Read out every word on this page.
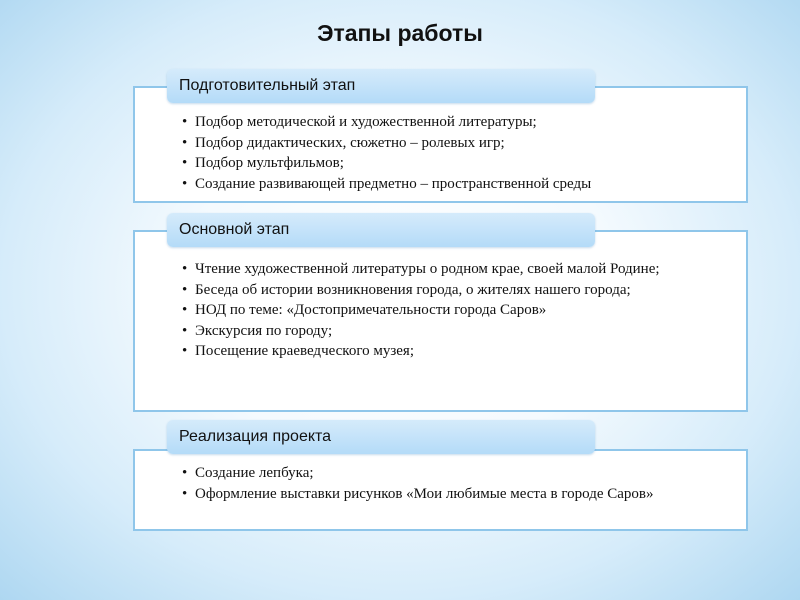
Этапы работы
Подготовительный этап
• Подбор методической и художественной литературы;
• Подбор дидактических, сюжетно – ролевых игр;
• Подбор мультфильмов;
• Создание развивающей предметно – пространственной среды
Основной этап
• Чтение художественной литературы о родном крае, своей малой Родине;
• Беседа об истории возникновения города, о жителях нашего города;
• НОД по теме: «Достопримечательности города Саров»
• Экскурсия по городу;
• Посещение краеведческого музея;
Реализация проекта
• Создание лепбука;
• Оформление выставки рисунков «Мои любимые места в городе Саров»
